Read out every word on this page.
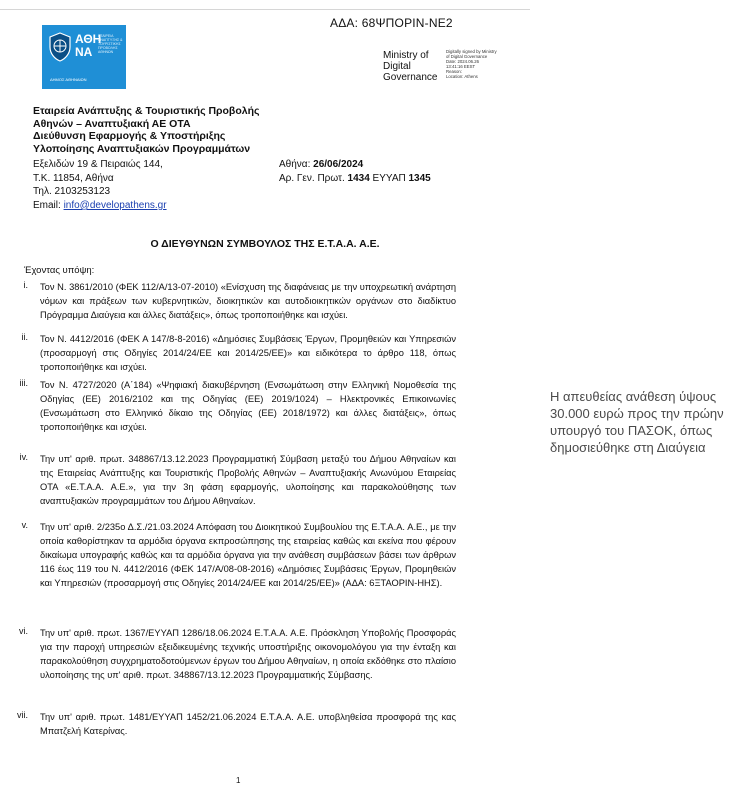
ΑΔΑ: 68ΨΠΟΡΙΝ-ΝΕ2
ΑΘΗ
ΝΑ
ΕΤΑΙΡΕΙΑ ΑΝΑΠΤΥΞΗΣ & ΤΟΥΡΙΣΤΙΚΗΣ ΠΡΟΒΟΛΗΣ ΑΘΗΝΩΝ
ΔΗΜΟΣ ΑΘΗΝΑΙΩΝ
Ministry of
Digital
Governance
Digitally signed by Ministry
of Digital Governance
Date: 2024.06.26
13:41:16 EEST
Reason:
Location: Athens
Εταιρεία Ανάπτυξης & Τουριστικής Προβολής
Αθηνών – Αναπτυξιακή ΑΕ ΟΤΑ
Διεύθυνση Εφαρμογής & Υποστήριξης
Υλοποίησης Αναπτυξιακών Προγραμμάτων
Εξελιδών 19 & Πειραιώς 144,
Τ.Κ. 11854, Αθήνα
Τηλ. 2103253123
Email: info@developathens.gr
Αθήνα: 26/06/2024
Αρ. Γεν. Πρωτ. 1434 ΕΥΥΑΠ 1345
Ο ΔΙΕΥΘΥΝΩΝ ΣΥΜΒΟΥΛΟΣ ΤΗΣ Ε.Τ.Α.Α. Α.Ε.
Έχοντας υπόψη:
i. Τον Ν. 3861/2010 (ΦΕΚ 112/Α/13-07-2010) «Ενίσχυση της διαφάνειας με την υποχρεωτική ανάρτηση νόμων και πράξεων των κυβερνητικών, διοικητικών και αυτοδιοικητικών οργάνων στο διαδίκτυο Πρόγραμμα Διαύγεια και άλλες διατάξεις», όπως τροποποιήθηκε και ισχύει.
ii. Τον Ν. 4412/2016 (ΦΕΚ Α 147/8-8-2016) «Δημόσιες Συμβάσεις Έργων, Προμηθειών και Υπηρεσιών (προσαρμογή στις Οδηγίες 2014/24/ΕΕ και 2014/25/ΕΕ)» και ειδικότερα το άρθρο 118, όπως τροποποιήθηκε και ισχύει.
iii. Τον Ν. 4727/2020 (Α΄184) «Ψηφιακή διακυβέρνηση (Ενσωμάτωση στην Ελληνική Νομοθεσία της Οδηγίας (ΕΕ) 2016/2102 και της Οδηγίας (ΕΕ) 2019/1024) – Ηλεκτρονικές Επικοινωνίες (Ενσωμάτωση στο Ελληνικό δίκαιο της Οδηγίας (ΕΕ) 2018/1972) και άλλες διατάξεις», όπως τροποποιήθηκε και ισχύει.
iv. Την υπ' αριθ. πρωτ. 348867/13.12.2023 Προγραμματική Σύμβαση μεταξύ του Δήμου Αθηναίων και της Εταιρείας Ανάπτυξης και Τουριστικής Προβολής Αθηνών – Αναπτυξιακής Ανωνύμου Εταιρείας ΟΤΑ «Ε.Τ.Α.Α. Α.Ε.», για την 3η φάση εφαρμογής, υλοποίησης και παρακολούθησης των αναπτυξιακών προγραμμάτων του Δήμου Αθηναίων.
v. Την υπ' αριθ. 2/235ο Δ.Σ./21.03.2024 Απόφαση του Διοικητικού Συμβουλίου της Ε.Τ.Α.Α. Α.Ε., με την οποία καθορίστηκαν τα αρμόδια όργανα εκπροσώπησης της εταιρείας καθώς και εκείνα που φέρουν δικαίωμα υπογραφής καθώς και τα αρμόδια όργανα για την ανάθεση συμβάσεων βάσει των άρθρων 116 έως 119 του Ν. 4412/2016 (ΦΕΚ 147/Α/08-08-2016) «Δημόσιες Συμβάσεις Έργων, Προμηθειών και Υπηρεσιών (προσαρμογή στις Οδηγίες 2014/24/ΕΕ και 2014/25/ΕΕ)» (ΑΔΑ: 6ΞΤΑΟΡΙΝ-ΗΗΣ).
vi. Την υπ' αριθ. πρωτ. 1367/ΕΥΥΑΠ 1286/18.06.2024 Ε.Τ.Α.Α. Α.Ε. Πρόσκληση Υποβολής Προσφοράς για την παροχή υπηρεσιών εξειδικευμένης τεχνικής υποστήριξης οικονομολόγου για την ένταξη και παρακολούθηση συγχρηματοδοτούμενων έργων του Δήμου Αθηναίων, η οποία εκδόθηκε στο πλαίσιο υλοποίησης της υπ' αριθ. πρωτ. 348867/13.12.2023 Προγραμματικής Σύμβασης.
vii. Την υπ' αριθ. πρωτ. 1481/ΕΥΥΑΠ 1452/21.06.2024 Ε.Τ.Α.Α. Α.Ε. υποβληθείσα προσφορά της κας Μπατζελή Κατερίνας.
1
Η απευθείας ανάθεση ύψους 30.000 ευρώ προς την πρώην υπουργό του ΠΑΣΟΚ, όπως δημοσιεύθηκε στη Διαύγεια
